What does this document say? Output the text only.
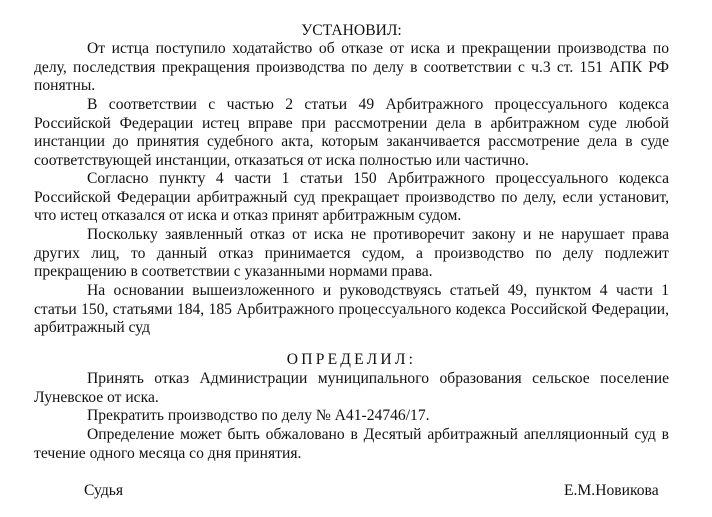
УСТАНОВИЛ:

От истца поступило ходатайство об отказе от иска и прекращении производства по делу, последствия прекращения производства по делу в соответствии с ч.3 ст. 151 АПК РФ понятны.

В соответствии с частью 2 статьи 49 Арбитражного процессуального кодекса Российской Федерации истец вправе при рассмотрении дела в арбитражном суде любой инстанции до принятия судебного акта, которым заканчивается рассмотрение дела в суде соответствующей инстанции, отказаться от иска полностью или частично.

Согласно пункту 4 части 1 статьи 150 Арбитражного процессуального кодекса Российской Федерации арбитражный суд прекращает производство по делу, если установит, что истец отказался от иска и отказ принят арбитражным судом.

Поскольку заявленный отказ от иска не противоречит закону и не нарушает права других лиц, то данный отказ принимается судом, а производство по делу подлежит прекращению в соответствии с указанными нормами права.

На основании вышеизложенного и руководствуясь статьей 49, пунктом 4 части 1 статьи 150, статьями 184, 185 Арбитражного процессуального кодекса Российской Федерации, арбитражный суд

ОПРЕДЕЛИЛ:

Принять отказ Администрации муниципального образования сельское поселение Луневское от иска.

Прекратить производство по делу № А41-24746/17.

Определение может быть обжаловано в Десятый арбитражный апелляционный суд в течение одного месяца со дня принятия.

Судья	Е.М.Новикова
